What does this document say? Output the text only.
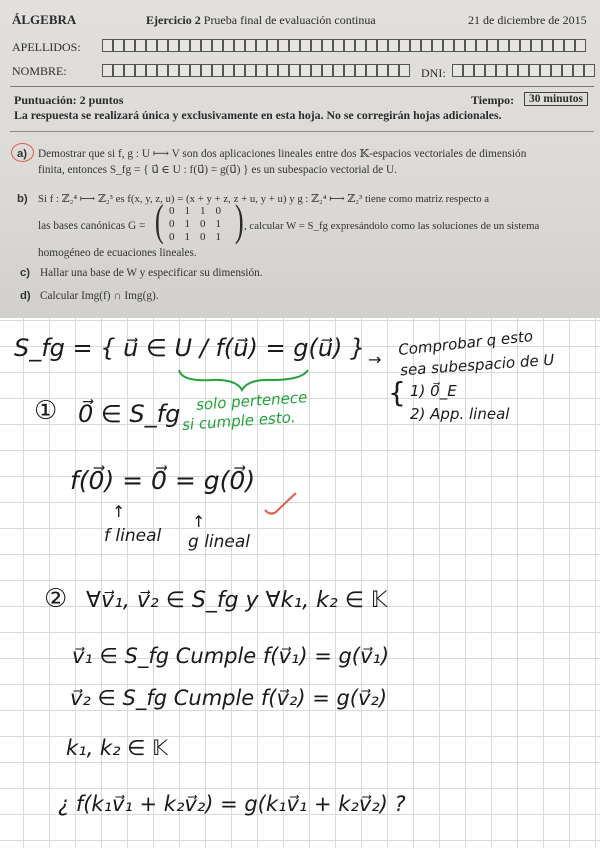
ÁLGEBRA	Ejercicio 2 Prueba final de evaluación continua	21 de diciembre de 2015
APELLIDOS:
NOMBRE:	DNI:
Puntuación: 2 puntos	Tiempo:	30 minutos
La respuesta se realizará única y exclusivamente en esta hoja. No se corregirán hojas adicionales.
a) Demostrar que si f, g : U ⟼ V son dos aplicaciones lineales entre dos 𝕂-espacios vectoriales de dimensión
finita, entonces S_fg = { u⃗ ∈ U : f(u⃗) = g(u⃗) } es un subespacio vectorial de U.
b) Si f : ℤ₂⁴ ⟼ ℤ₂³ es f(x, y, z, u) = (x + y + z, z + u, y + u) y g : ℤ₂⁴ ⟼ ℤ₂³ tiene como matriz respecto a
las bases canónicas G = ( 0	1	1	0
0	1	0	1
0	1	0	1 ) , calcular W = S_fg expresándolo como las soluciones de un sistema
homogéneo de ecuaciones lineales.
c) Hallar una base de W y especificar su dimensión.
d) Calcular Img(f) ∩ Img(g).
S_fg = { u⃗ ∈ U / f(u⃗) = g(u⃗) } →
Comprobar q esto
sea subespacio de U
{ 1) 0⃗_E
2) App. lineal
solo pertenece
si cumple esto.
① 0⃗ ∈ S_fg
f(0⃗) = 0⃗ = g(0⃗)
↑
f lineal
↑
g lineal
② ∀v⃗₁, v⃗₂ ∈ S_fg y ∀k₁, k₂ ∈ 𝕂
v⃗₁ ∈ S_fg Cumple f(v⃗₁) = g(v⃗₁)
v⃗₂ ∈ S_fg Cumple f(v⃗₂) = g(v⃗₂)
k₁, k₂ ∈ 𝕂
¿ f(k₁v⃗₁ + k₂v⃗₂) = g(k₁v⃗₁ + k₂v⃗₂) ?
